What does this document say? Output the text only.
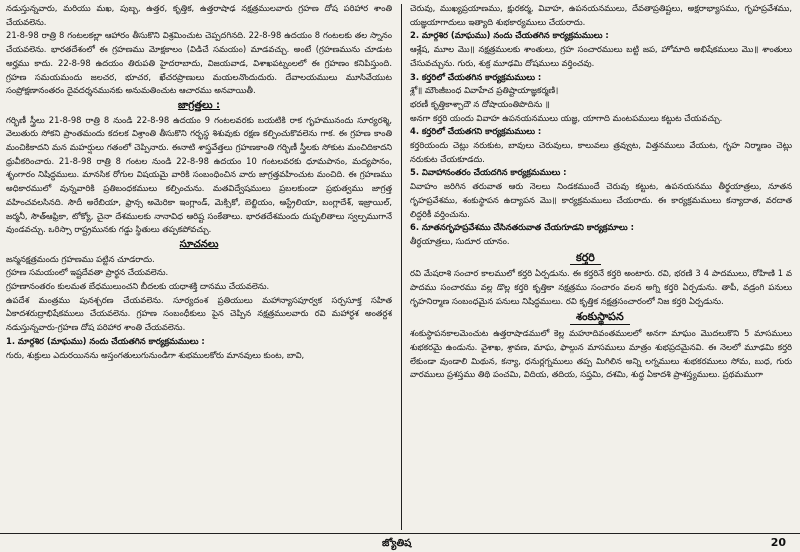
నడుస్తున్నవారు, మరియు మఖ, పుబ్బ, ఉత్తర, కృత్తిక, ఉత్తరాషాఢ నక్షత్రములవారు గ్రహణ దోష పరిహార శాంతి చేయవలెను.

21-8-98 రాత్రి 8 గంటలకల్లా ఆహారం తీసుకొని విశ్రమించుట చెప్పదగినది. 22-8-98 ఉదయం 8 గంటలకు తల స్నానం చేయవలెను. భారతదేశంలో ఈ గ్రహణము మోక్షకాలం (విడిచే సమయం) మాడవచ్చు. అంటే (గ్రహణమును చూడుట అర్హము కాదు. 22-8-98 ఉదయం తిరుపతి హైదరాబాదు, విజయవాడ, విశాఖపట్నంలలో ఈ గ్రహణం కనిపిస్తుంది. గ్రహణ సమయమందు జలచర, భూచర, ఖేచరప్రాణులు మయలనొందుదురు. దేవాలయములు మూసివేయుట సంప్రోక్షణానంతరం దైవదర్శనమునకు అనుమతించుట ఆచారము అనవాయితీ.

జాగ్రత్తలు :

గర్భిణీ స్త్రీలు 21-8-98 రాత్రి 8 నుండి 22-8-98 ఉదయం 9 గంటలవరకు బయటికి రాక గృహమునందు సూర్యరశ్మి, వెలుతురు సోకని ప్రాంతమందు కదలక విశ్రాంతి తీసుకొని గర్భస్థ శిశువుకు రక్షణ కల్పించుకొవలెను గాక. ఈ గ్రహణ కాంతి మంచికికాదని మన మహర్షులు గతంలో చెప్పినారు. ఈనాటి శాస్త్రవేత్తలు గ్రహణకాంతి గర్భిణీ స్త్రీలకు సోకుట మంచిదికాదని ధ్రువీకరించారు. 21-8-98 రాత్రి 8 గంటల నుండి 22-8-98 ఉదయం 10 గంటలవరకు ధూమపానం, మద్యపానం, శృంగారం నిషిద్ధములు. మానసిక రోగుల విషయమై వారికి సంబంధించిన వారు జాగ్రత్తవహించుట మంచిది. ఈ గ్రహణము అధికారములో వున్నవారికి ప్రతిబంధకములు కల్పించును. మతవిద్వేషములు ప్రబలకుండా ప్రభుత్వము జాగ్రత్త వహించవలసినది. సౌదీ అరేబియా, ఫ్రాన్స అమెరికా ఇంగ్లాండ్, మెక్సికో, బెల్జియం, ఆస్ట్రేలియా, బంగ్లాదేశ్, ఇజ్రాయిల్, జర్మనీ, సౌత్ఆఫ్రికా, టోక్యో, చైనా దేశములకు నానావిధ ఆరిష్ట సంకేతాలు. భారతదేశమందు దుష్ఫలితాలు స్వల్పముగానే వుండవచ్చు. ఒరిస్సా రాష్ట్రమునకు గడ్డు స్థితులు తప్పకపోవచ్చు.

సూచనలు

జన్మనక్షత్రమందు గ్రహణము పట్టిన చూడరాదు.

గ్రహణ సమయంలో ఇష్టదేవతా ప్రార్థన చేయవలెను.

గ్రహణానంతరం కులమత బేధములుంచని బీదలకు యధాశక్తి దానము చేయవలెను.

ఉపదేశ మంత్రము పునశ్చరణ చేయవలెను. సూర్యదంశ ప్రతియులు మహాన్యాసపూర్వక సర్పసూక్త సహిత ఏకాదశరుద్రాభిషేకములు చేయవలెను. గ్రహణ సంబంధీకులు పైన చెప్పిన నక్షత్రములవారు రవి మహార్ధశ అంతర్దశ నడుస్తున్నవారు-గ్రహణ దోష పరిహార శాంతి చేయవలెను.

1. మార్గశిర (మాఘము) నందు చేయతగిన కార్యక్రమములు :

గురు, శుక్రులు ఎదురయినను అస్తంగతులుగునుండిగా శుభములకోరు మానవులు కుంట, బావి,

చెరువు, ముఖ్యప్రయాణము, క్షురకర్మ, వివాహ, ఉపనయనములు, దేవతాప్రతిష్టలు, అక్షరాభ్యాసము, గృహప్రవేశము, యజ్ఞయాగాదులు ఇత్యాది శుభకార్యములు చేయరాదు.

2. మార్గశిర (మాఘము) నందు చేయతగిన కార్యక్రమములు :

ఆశ్లేష, మూల మొ॥ నక్షత్రములకు శాంతులు, గ్రహ సంచారములు బట్టి జప, హోమాది అభిషేకములు మొ॥ శాంతులు చేసువచ్చును. గురు, శుక్ర మూఢమి దోషములు వర్తించవు.

3. కర్తరిలో చేయతగిన కార్యక్రమములు :

శ్లో॥ మౌంజీబంధ వివాహేచ ప్రతిష్టాయాజ్ఞకర్మణి।

భరణీ కృత్తికాశ్చాదౌ న దోషాయంతిపొదిను ॥

అనగా కర్తరి యందు వివాహ ఉపనయనములు యజ్ఞ, యాగాది మంటపములు కట్టుట చేయవచ్చు.

4. కర్తరిలో చేయతగని కార్యక్రమములు :

కర్తరియందు చెట్లు నరుకుట, బావులు చెరువులు, కాలువలు త్రవ్వుట, విత్తనములు వేయుట, గృహ నిర్మాణం చెట్లు నరుకుట చేయకూడదు.

5. వివాహానంతరం చేయదగిన కార్యక్రమములు :

వివాహం జరిగిన తరువాత ఆరు నెలలు నిండకముందే చెరువు కట్టుట, ఉపనయనము తీర్థయాత్రలు, నూతన గృహప్రవేశము, శంకుస్థాపన ఉద్యాపన మొ॥ కార్యక్రమములు చేయరాదు. ఈ కార్యక్రమములు కన్యాదాత, వరదాత లిద్దరికీ వర్తించును.

6. నూతనగృహప్రవేశము చేసినతరువాత చేయగూడని కార్యక్రమాలు :

తీర్థయాత్రలు, సుదూర యానం.

కర్తరి

రవి మేషరాశి సంచార కాలములో కర్తరి ఏర్పడును. ఈ కర్తరినే కర్తరి అంటారు. రవి, భరణి 3 4 పాదములు, రోహిణి 1 వ పాదము సంచారము వల్ల డొల్ల కర్తరి కృత్తికా నక్షత్రము సంచారం వలన అగ్ని కర్తరి ఏర్పడును. తాపీ, వడ్రంగి పనులు గృహనిర్మాణ సంబంధమైన పనులు నిషిద్ధములు. రవి కృత్తిక నక్షత్రసంచారంలో నిజ కర్తరి ఏర్పడును.

శంకుస్థాపన

శంకుస్థాపనకాలమెంచుట ఉత్తరాషాడములో కెల్ల మహూదివంతములలో అనగా మాఘం మొదలుకొని 5 మాసములు శుభకరమై ఉండును. వైశాఖ, శ్రావణ, మాఘ, ఫాల్గున మాసములు మాత్రం శుభప్రదమైనవి. ఈ నెలలో మూఢమి కర్తరి లేకుండా వుండాలి మిథున, కన్యా, ధనుర్లగ్నములు తప్ప మిగిలిన అన్ని లగ్నములు శుభకరములు సోమ, బుధ, గురు వారములు ప్రశస్తము తిథి పంచమి, విదియ, తదియ, సప్తమి, దశమి, శుద్ధ ఏకాదశి ప్రాశస్త్యములు. ప్రథమముగా

జ్యోతిష	20
